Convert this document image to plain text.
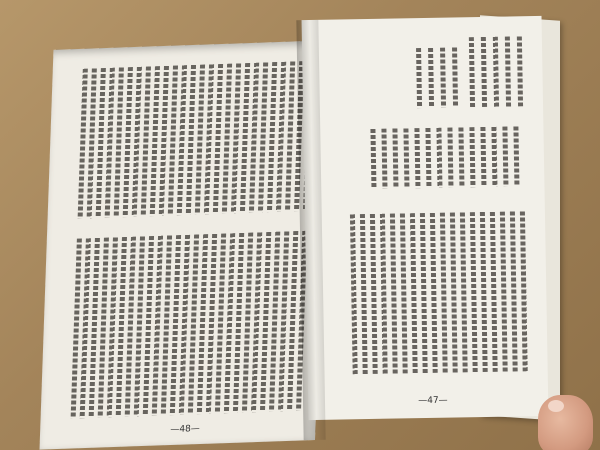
—48—
—47—
